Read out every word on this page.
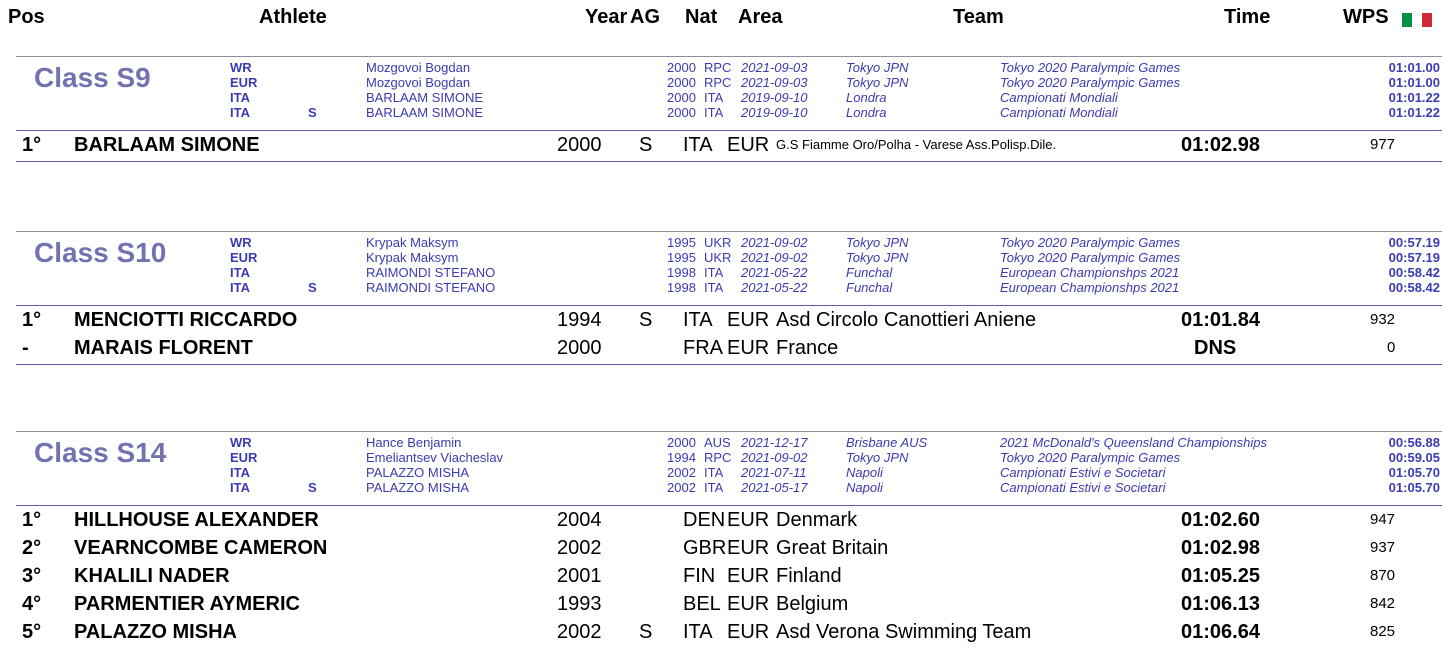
Pos	Athlete	Year AG Nat Area	Team	Time	WPS
Class S9	WR	Mozgovoi Bogdan	2000 RPC 2021-09-03	Tokyo JPN	Tokyo 2020 Paralympic Games	01:01.00
EUR	Mozgovoi Bogdan	2000 RPC 2021-09-03	Tokyo JPN	Tokyo 2020 Paralympic Games	01:01.00
ITA	BARLAAM SIMONE	2000 ITA 2019-09-10	Londra	Campionati Mondiali	01:01.22
ITA	S	BARLAAM SIMONE	2000 ITA 2019-09-10	Londra	Campionati Mondiali	01:01.22
1° BARLAAM SIMONE	2000 S ITA EUR G.S Fiamme Oro/Polha - Varese Ass.Polisp.Dile.	01:02.98	977
Class S10	WR	Krypak Maksym	1995 UKR 2021-09-02	Tokyo JPN	Tokyo 2020 Paralympic Games	00:57.19
EUR	Krypak Maksym	1995 UKR 2021-09-02	Tokyo JPN	Tokyo 2020 Paralympic Games	00:57.19
ITA	RAIMONDI STEFANO	1998 ITA 2021-05-22	Funchal	European Championshps 2021	00:58.42
ITA	S	RAIMONDI STEFANO	1998 ITA 2021-05-22	Funchal	European Championshps 2021	00:58.42
1° MENCIOTTI RICCARDO	1994 S ITA EUR Asd Circolo Canottieri Aniene	01:01.84	932
- MARAIS FLORENT	2000	FRA EUR France	DNS	0
Class S14	WR	Hance Benjamin	2000 AUS 2021-12-17	Brisbane AUS	2021 McDonald's Queensland Championships	00:56.88
EUR	Emeliantsev Viacheslav	1994 RPC 2021-09-02	Tokyo JPN	Tokyo 2020 Paralympic Games	00:59.05
ITA	PALAZZO MISHA	2002 ITA 2021-07-11	Napoli	Campionati Estivi e Societari	01:05.70
ITA	S	PALAZZO MISHA	2002 ITA 2021-05-17	Napoli	Campionati Estivi e Societari	01:05.70
1° HILLHOUSE ALEXANDER	2004	DEN EUR Denmark	01:02.60	947
2° VEARNCOMBE CAMERON	2002	GBR EUR Great Britain	01:02.98	937
3° KHALILI NADER	2001	FIN EUR Finland	01:05.25	870
4° PARMENTIER AYMERIC	1993	BEL EUR Belgium	01:06.13	842
5° PALAZZO MISHA	2002 S ITA EUR Asd Verona Swimming Team	01:06.64	825
